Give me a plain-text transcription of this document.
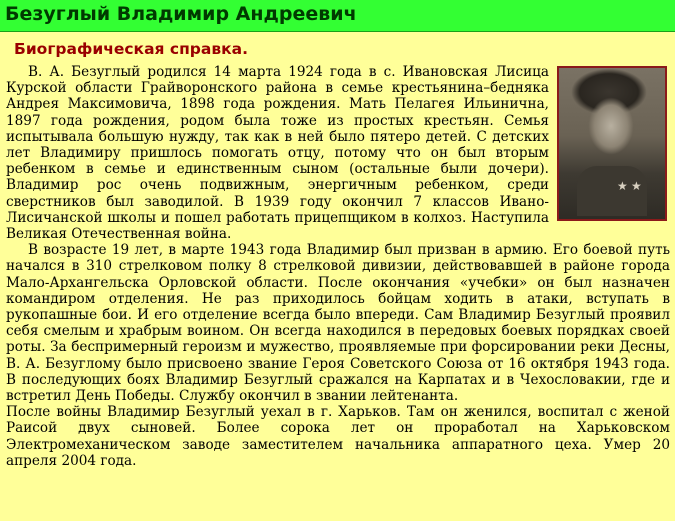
Безуглый Владимир Андреевич
Биографическая справка.
★ ★

В. А. Безуглый родился 14 марта 1924 года в с. Ивановская Лисица Курской области Грайворонского района в семье крестьянина–бедняка Андрея Максимовича, 1898 года рождения. Мать Пелагея Ильинична, 1897 года рождения, родом была тоже из простых крестьян. Семья испытывала большую нужду, так как в ней было пятеро детей. С детских лет Владимиру пришлось помогать отцу, потому что он был вторым ребенком в семье и единственным сыном (остальные были дочери). Владимир рос очень подвижным, энергичным ребенком, среди сверстников был заводилой. В 1939 году окончил 7 классов Ивано-Лисичанской школы и пошел работать прицепщиком в колхоз. Наступила Великая Отечественная война.

В возрасте 19 лет, в марте 1943 года Владимир был призван в армию. Его боевой путь начался в 310 стрелковом полку 8 стрелковой дивизии, действовавшей в районе города Мало-Архангельска Орловской области. После окончания «учебки» он был назначен командиром отделения. Не раз приходилось бойцам ходить в атаки, вступать в рукопашные бои. И его отделение всегда было впереди. Сам Владимир Безуглый проявил себя смелым и храбрым воином. Он всегда находился в передовых боевых порядках своей роты. За беспримерный героизм и мужество, проявляемые при форсировании реки Десны, В. А. Безуглому было присвоено звание Героя Советского Союза от 16 октября 1943 года. В последующих боях Владимир Безуглый сражался на Карпатах и в Чехословакии, где и встретил День Победы. Службу окончил в звании лейтенанта.

После войны Владимир Безуглый уехал в г. Харьков. Там он женился, воспитал с женой Раисой двух сыновей. Более сорока лет он проработал на Харьковском Электромеханическом заводе заместителем начальника аппаратного цеха. Умер 20 апреля 2004 года.
